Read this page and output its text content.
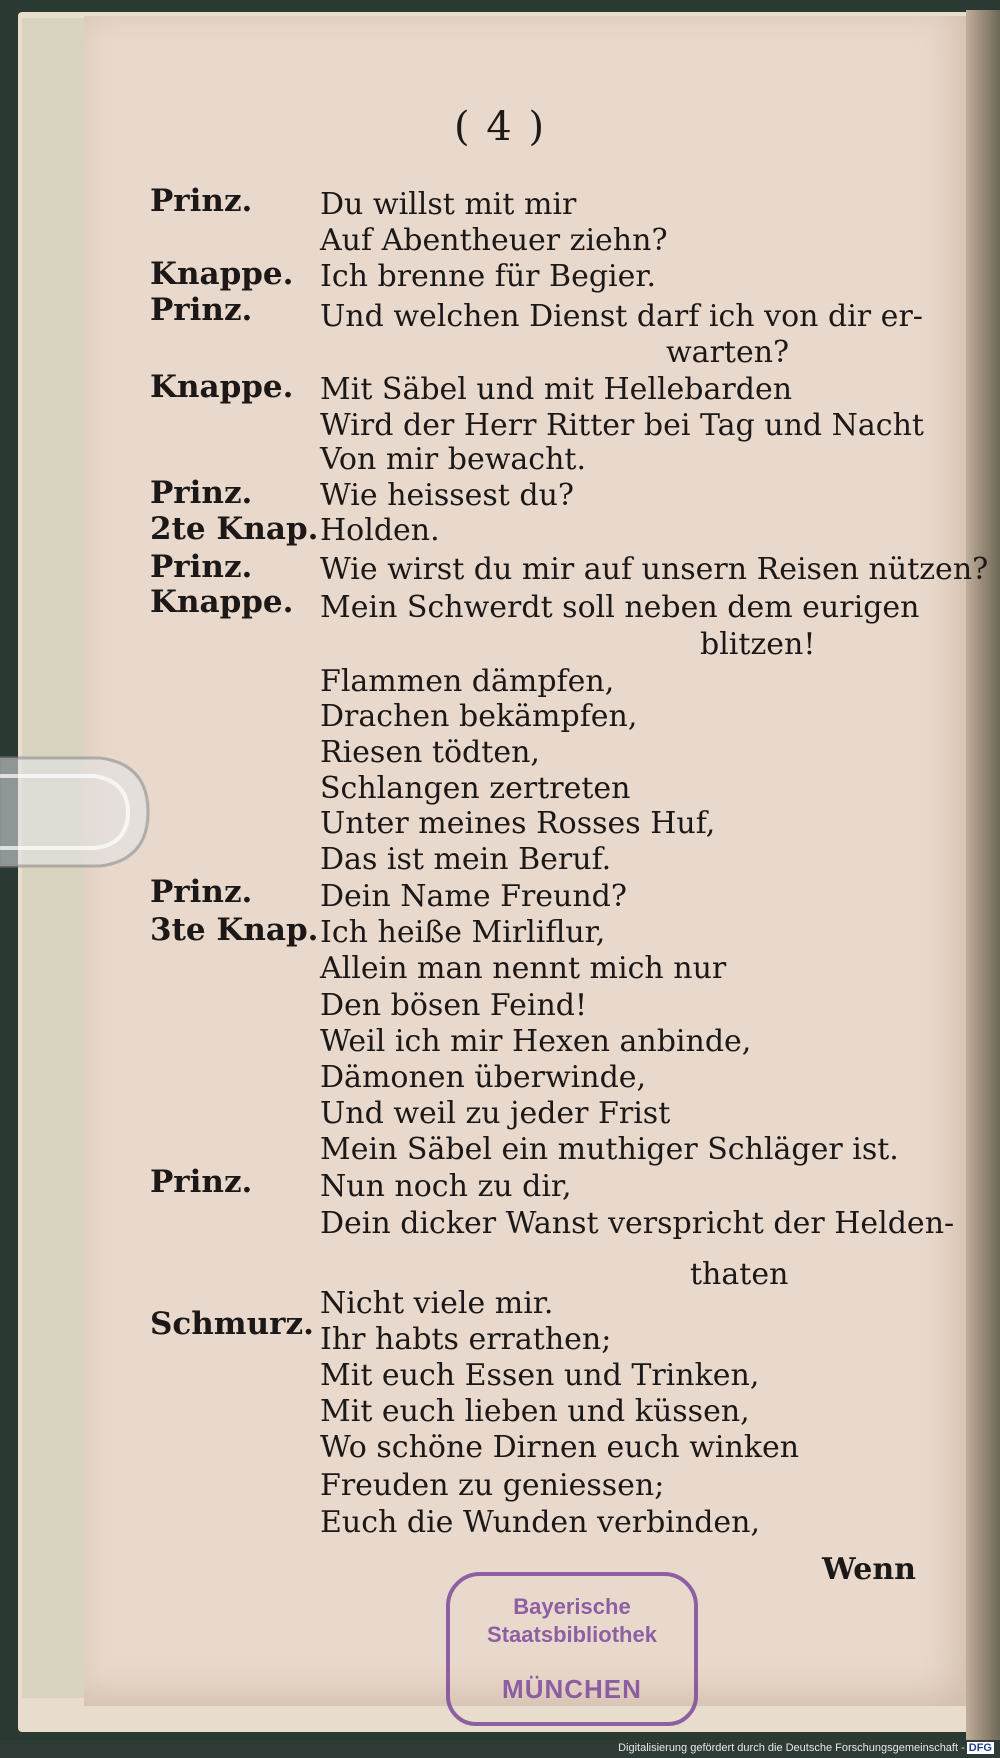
( 4 )
Prinz.
Knappe.
Prinz.
Knappe.
Prinz.
2te Knap.
Prinz.
Knappe.
Prinz.
3te Knap.
Prinz.
Schmurz.
Du willst mit mir
Auf Abentheuer ziehn?
Ich brenne für Begier.
Und welchen Dienst darf ich von dir er-
warten?
Mit Säbel und mit Hellebarden
Wird der Herr Ritter bei Tag und Nacht
Von mir bewacht.
Wie heissest du?
Holden.
Wie wirst du mir auf unsern Reisen nützen?
Mein Schwerdt soll neben dem eurigen
blitzen!
Flammen dämpfen,
Drachen bekämpfen,
Riesen tödten,
Schlangen zertreten
Unter meines Rosses Huf,
Das ist mein Beruf.
Dein Name Freund?
Ich heiße Mirliflur,
Allein man nennt mich nur
Den bösen Feind!
Weil ich mir Hexen anbinde,
Dämonen überwinde,
Und weil zu jeder Frist
Mein Säbel ein muthiger Schläger ist.
Nun noch zu dir,
Dein dicker Wanst verspricht der Helden-
thaten
Nicht viele mir.
Ihr habts errathen;
Mit euch Essen und Trinken,
Mit euch lieben und küssen,
Wo schöne Dirnen euch winken
Freuden zu geniessen;
Euch die Wunden verbinden,
Wenn
Bayerische
Staatsbibliothek
MÜNCHEN
Digitalisierung gefördert durch die Deutsche Forschungsgemeinschaft - DFG
